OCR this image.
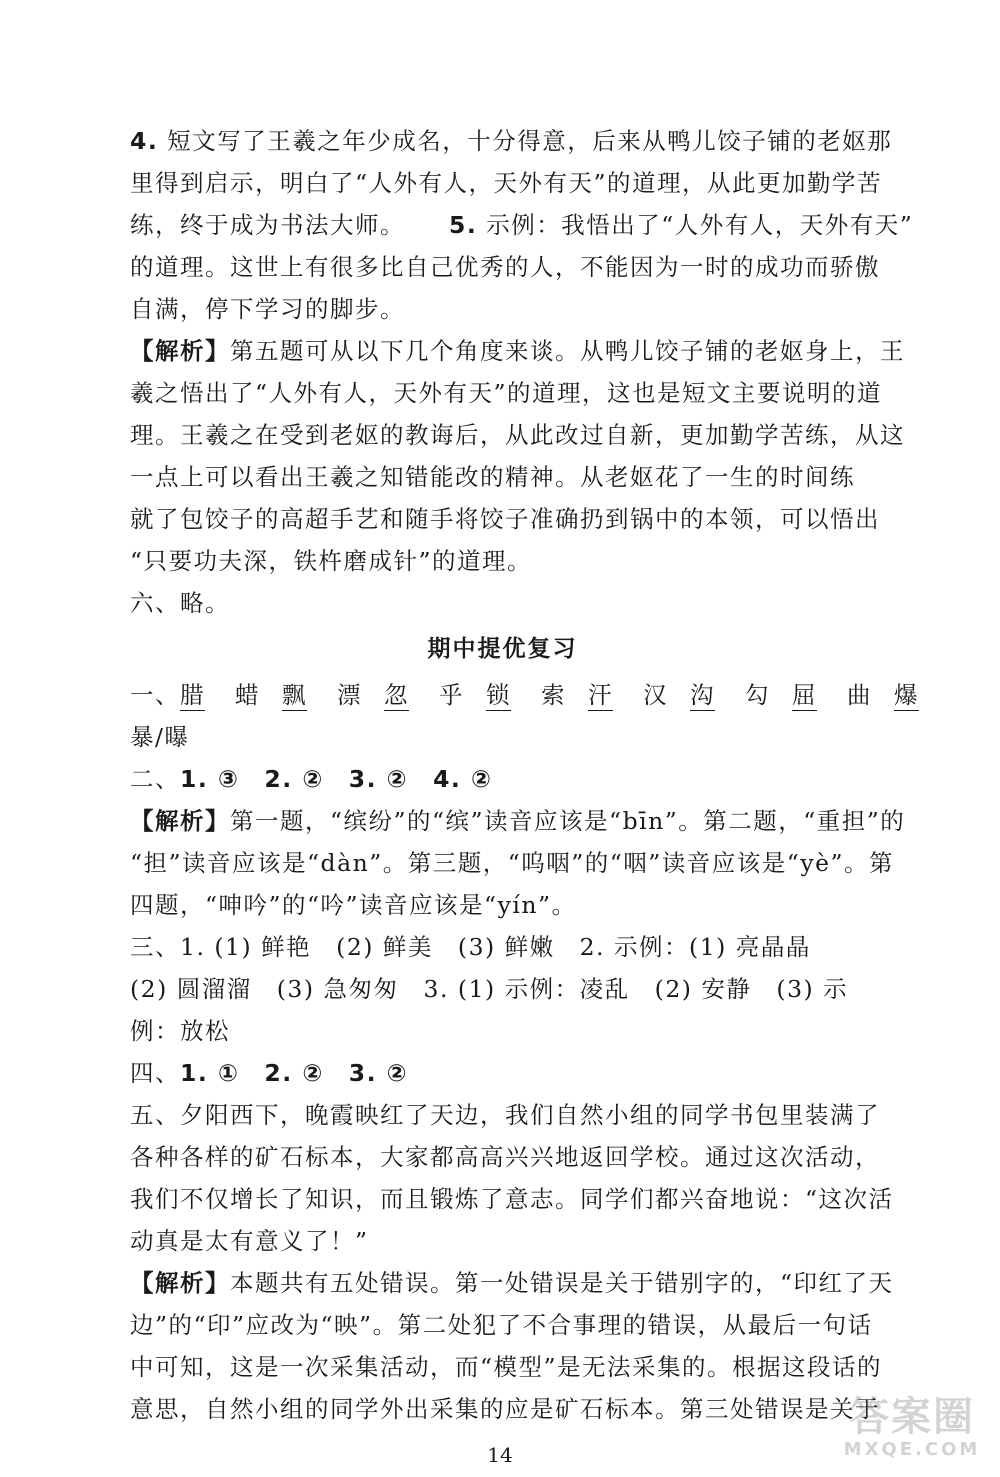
4. 短文写了王羲之年少成名，十分得意，后来从鸭儿饺子铺的老妪那
里得到启示，明白了“人外有人，天外有天”的道理，从此更加勤学苦
练，终于成为书法大师。 5. 示例：我悟出了“人外有人，天外有天”
的道理。这世上有很多比自己优秀的人，不能因为一时的成功而骄傲
自满，停下学习的脚步。
【解析】第五题可从以下几个角度来谈。从鸭儿饺子铺的老妪身上，王
羲之悟出了“人外有人，天外有天”的道理，这也是短文主要说明的道
理。王羲之在受到老妪的教诲后，从此改过自新，更加勤学苦练，从这
一点上可以看出王羲之知错能改的精神。从老妪花了一生的时间练
就了包饺子的高超手艺和随手将饺子准确扔到锅中的本领，可以悟出
“只要功夫深，铁杵磨成针”的道理。
六、略。
期中提优复习
一、腊 蜡 飘 漂 忽 乎 锁 索 汗 汉 沟 勾 屈 曲 爆
暴/曝
二、1. ③　2. ②　3. ②　4. ②
【解析】第一题，“缤纷”的“缤”读音应该是“bīn”。第二题，“重担”的
“担”读音应该是“dàn”。第三题，“呜咽”的“咽”读音应该是“yè”。第
四题，“呻吟”的“吟”读音应该是“yín”。
三、1. (1) 鲜艳　(2) 鲜美　(3) 鲜嫩　2. 示例：(1) 亮晶晶
(2) 圆溜溜　(3) 急匆匆　3. (1) 示例：凌乱　(2) 安静　(3) 示
例：放松
四、1. ①　2. ②　3. ②
五、夕阳西下，晚霞映红了天边，我们自然小组的同学书包里装满了
各种各样的矿石标本，大家都高高兴兴地返回学校。通过这次活动，
我们不仅增长了知识，而且锻炼了意志。同学们都兴奋地说：“这次活
动真是太有意义了！”
【解析】本题共有五处错误。第一处错误是关于错别字的，“印红了天
边”的“印”应改为“映”。第二处犯了不合事理的错误，从最后一句话
中可知，这是一次采集活动，而“模型”是无法采集的。根据这段话的
意思，自然小组的同学外出采集的应是矿石标本。第三处错误是关于
14
答案圈
MXQE.COM
